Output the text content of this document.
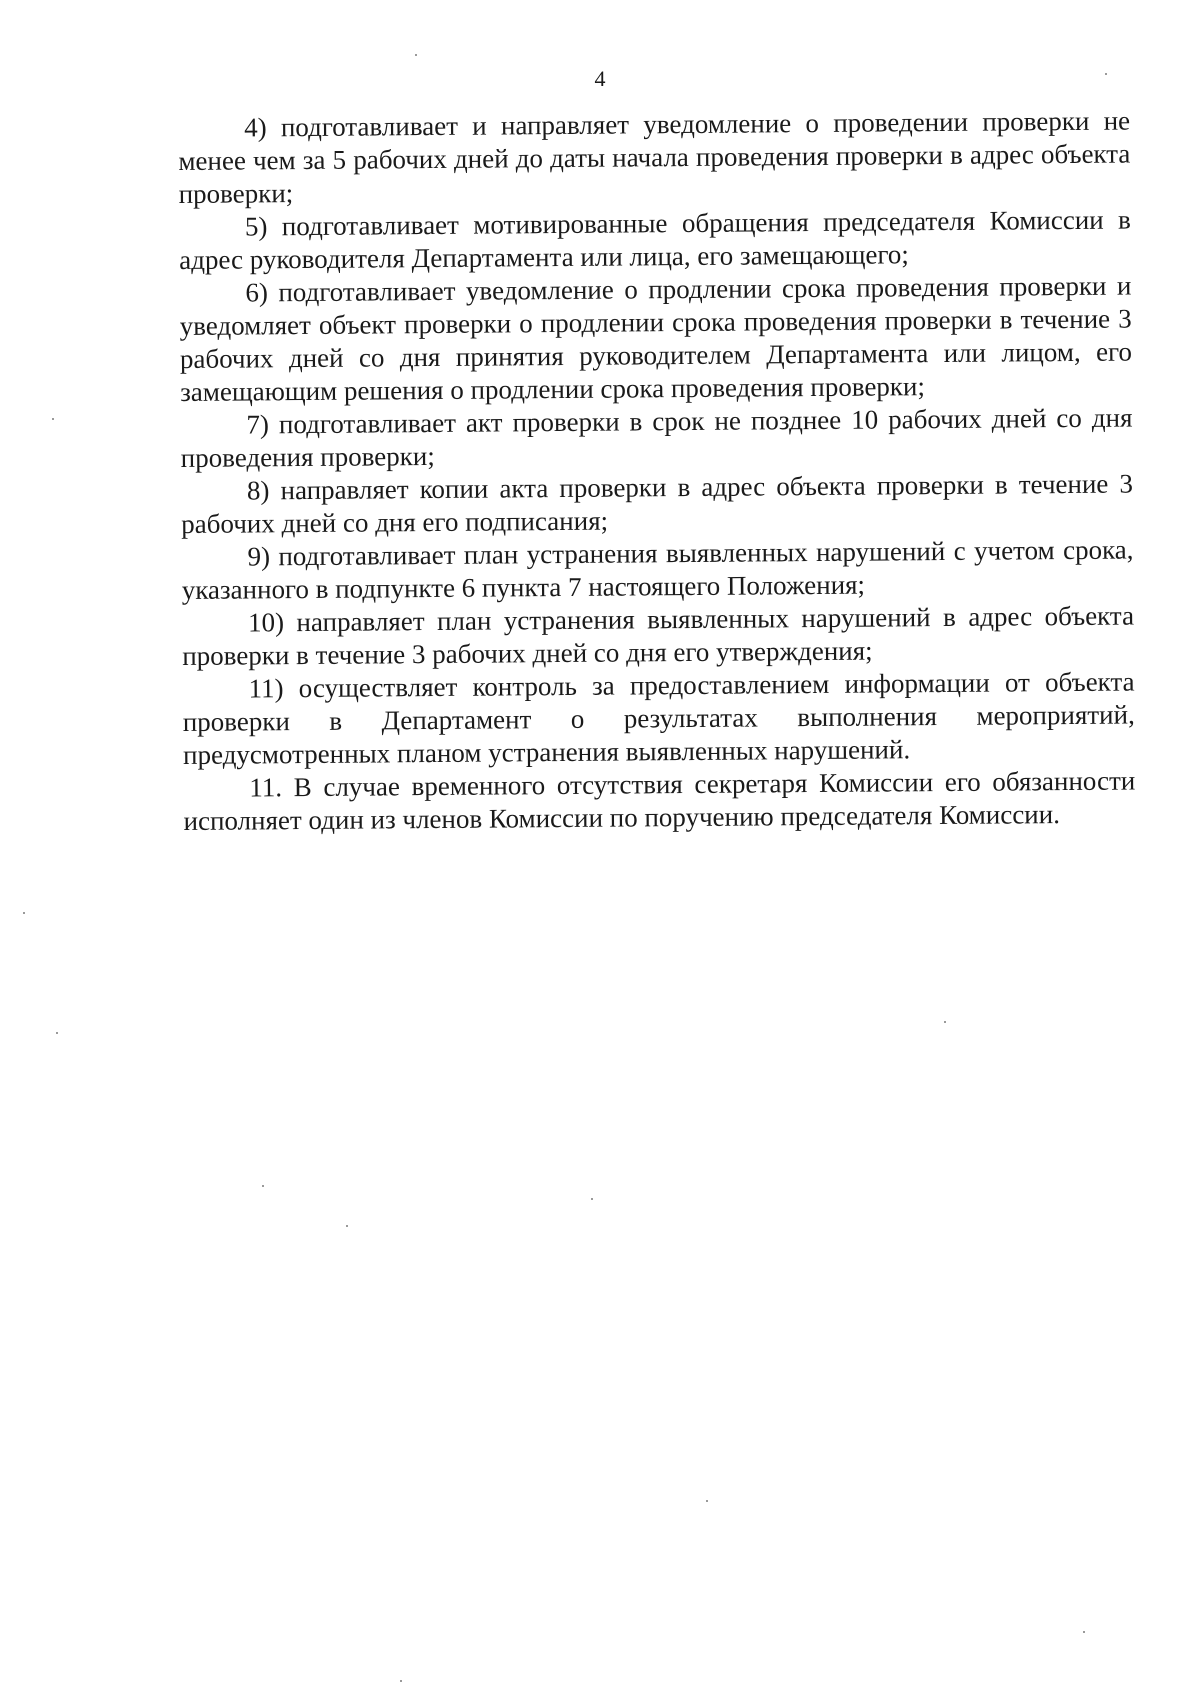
4

4) подготавливает и направляет уведомление о проведении проверки не менее чем за 5 рабочих дней до даты начала проведения проверки в адрес объекта проверки;

5) подготавливает мотивированные обращения председателя Комиссии в адрес руководителя Департамента или лица, его замещающего;

6) подготавливает уведомление о продлении срока проведения проверки и уведомляет объект проверки о продлении срока проведения проверки в течение 3 рабочих дней со дня принятия руководителем Департамента или лицом, его замещающим решения о продлении срока проведения проверки;

7) подготавливает акт проверки в срок не позднее 10 рабочих дней со дня проведения проверки;

8) направляет копии акта проверки в адрес объекта проверки в течение 3 рабочих дней со дня его подписания;

9) подготавливает план устранения выявленных нарушений с учетом срока, указанного в подпункте 6 пункта 7 настоящего Положения;

10) направляет план устранения выявленных нарушений в адрес объекта проверки в течение 3 рабочих дней со дня его утверждения;

11) осуществляет контроль за предоставлением информации от объекта проверки в Департамент о результатах выполнения мероприятий, предусмотренных планом устранения выявленных нарушений.

11. В случае временного отсутствия секретаря Комиссии его обязанности исполняет один из членов Комиссии по поручению председателя Комиссии.
